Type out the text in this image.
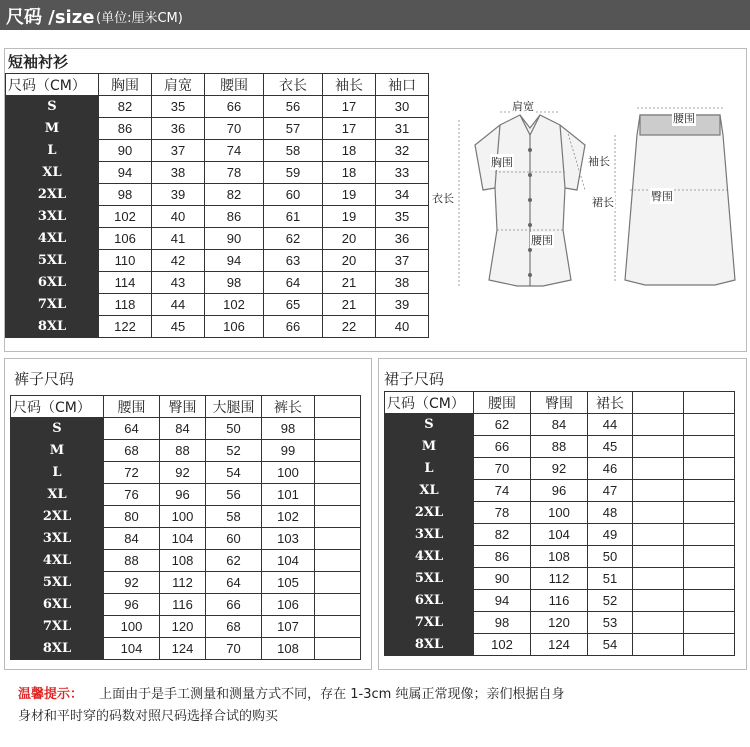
尺码 /size (单位:厘米CM)
短袖衬衫
尺码（CM）	胸围	肩宽	腰围	衣长	袖长	袖口
S	82	35	66	56	17	30
M	86	36	70	57	17	31
L	90	37	74	58	18	32
XL	94	38	78	59	18	33
2XL	98	39	82	60	19	34
3XL	102	40	86	61	19	35
4XL	106	41	90	62	20	36
5XL	110	42	94	63	20	37
6XL	114	43	98	64	21	38
7XL	118	44	102	65	21	39
8XL	122	45	106	66	22	40
肩宽
胸围	袖长
腰围
衣长
腰围
臀围
裙长
裤子尺码
尺码（CM）	腰围	臀围	大腿围	裤长	
S	64	84	50	98	
M	68	88	52	99	
L	72	92	54	100	
XL	76	96	56	101	
2XL	80	100	58	102	
3XL	84	104	60	103	
4XL	88	108	62	104	
5XL	92	112	64	105	
6XL	96	116	66	106	
7XL	100	120	68	107	
8XL	104	124	70	108	
裙子尺码
尺码（CM）	腰围	臀围	裙长		
S	62	84	44		
M	66	88	45		
L	70	92	46		
XL	74	96	47		
2XL	78	100	48		
3XL	82	104	49		
4XL	86	108	50		
5XL	90	112	51		
6XL	94	116	52		
7XL	98	120	53		
8XL	102	124	54		
温馨提示： 上面由于是手工测量和测量方式不同，存在 1-3cm 纯属正常现像；亲们根据自身
身材和平时穿的码数对照尺码选择合试的购买
